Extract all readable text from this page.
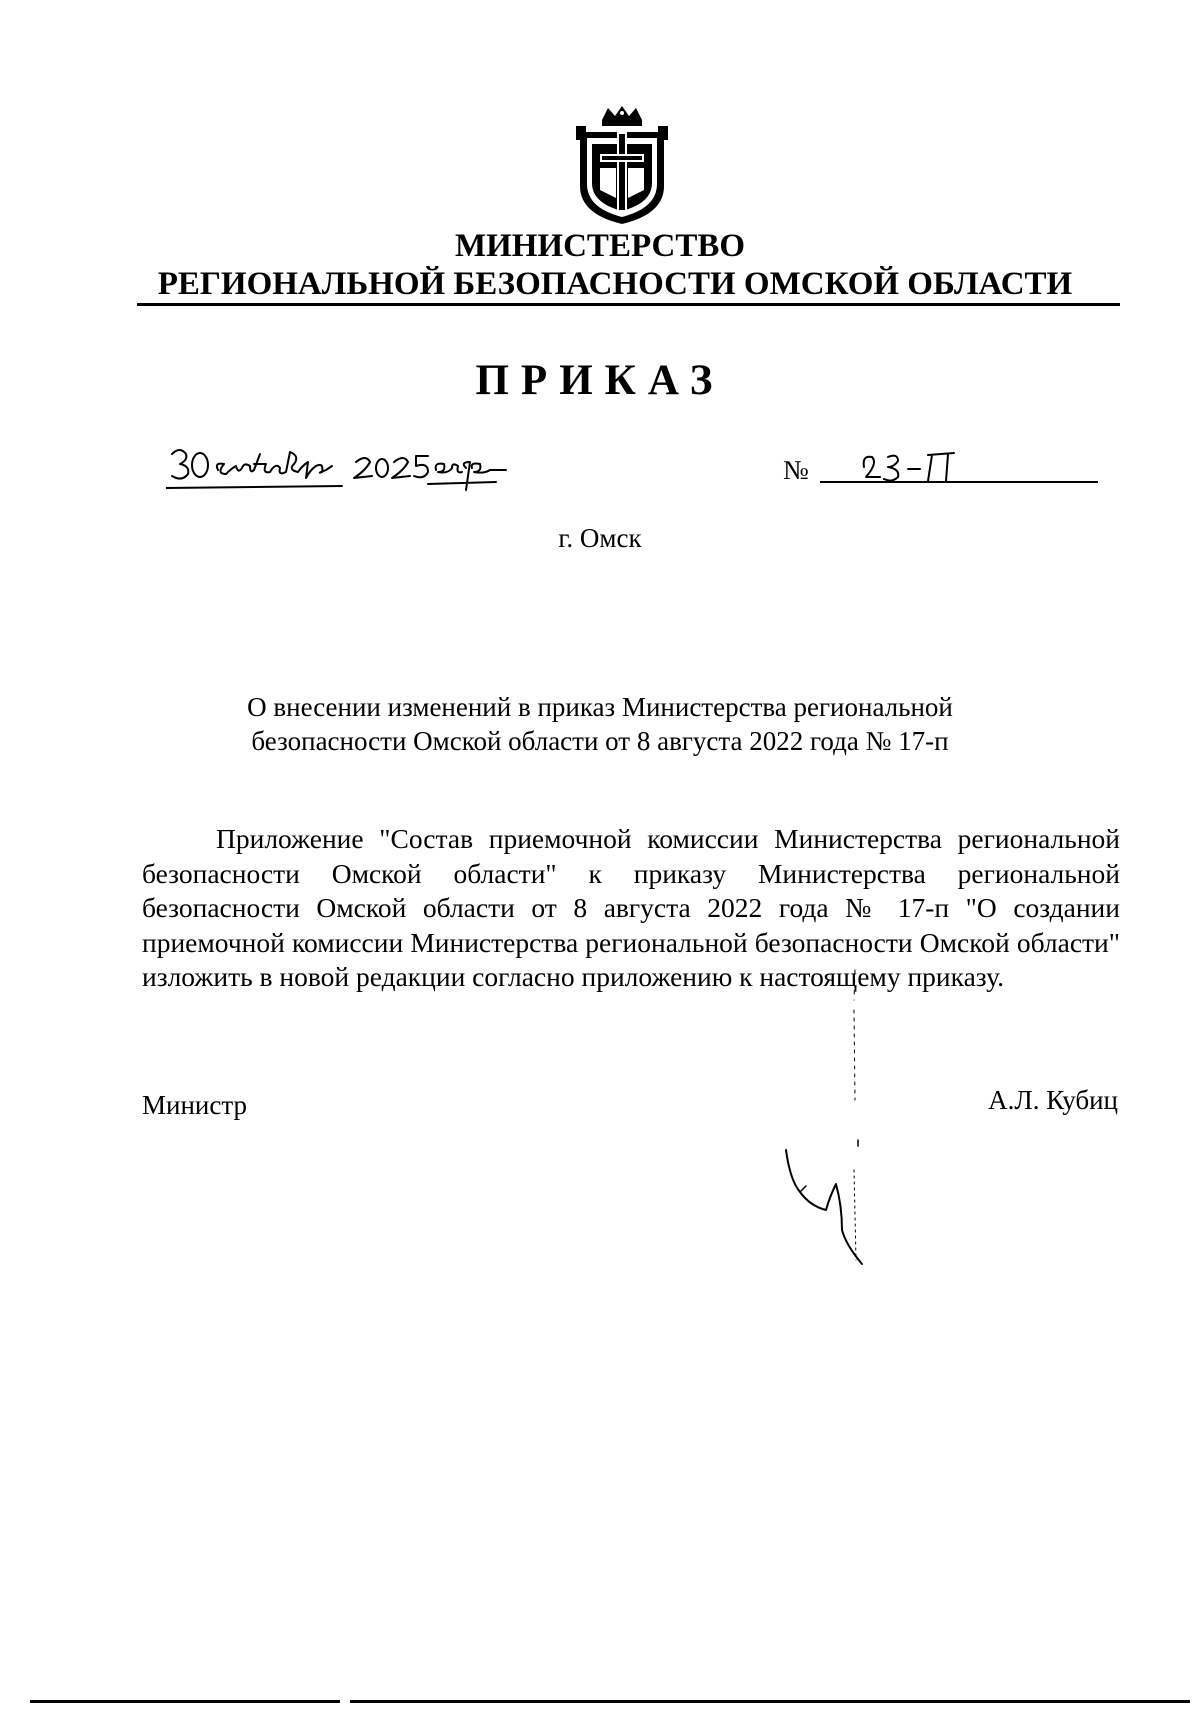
МИНИСТЕРСТВО
РЕГИОНАЛЬНОЙ БЕЗОПАСНОСТИ ОМСКОЙ ОБЛАСТИ
ПРИКАЗ
№
г. Омск
О внесении изменений в приказ Министерства региональной
безопасности Омской области от 8 августа 2022 года № 17-п

Приложение "Состав приемочной комиссии Министерства региональной безопасности Омской области" к приказу Министерства региональной безопасности Омской области от 8 августа 2022 года № 17-п "О создании приемочной комиссии Министерства региональной безопасности Омской области" изложить в новой редакции согласно приложению к настоящему приказу.

Министр	А.Л. Кубиц
